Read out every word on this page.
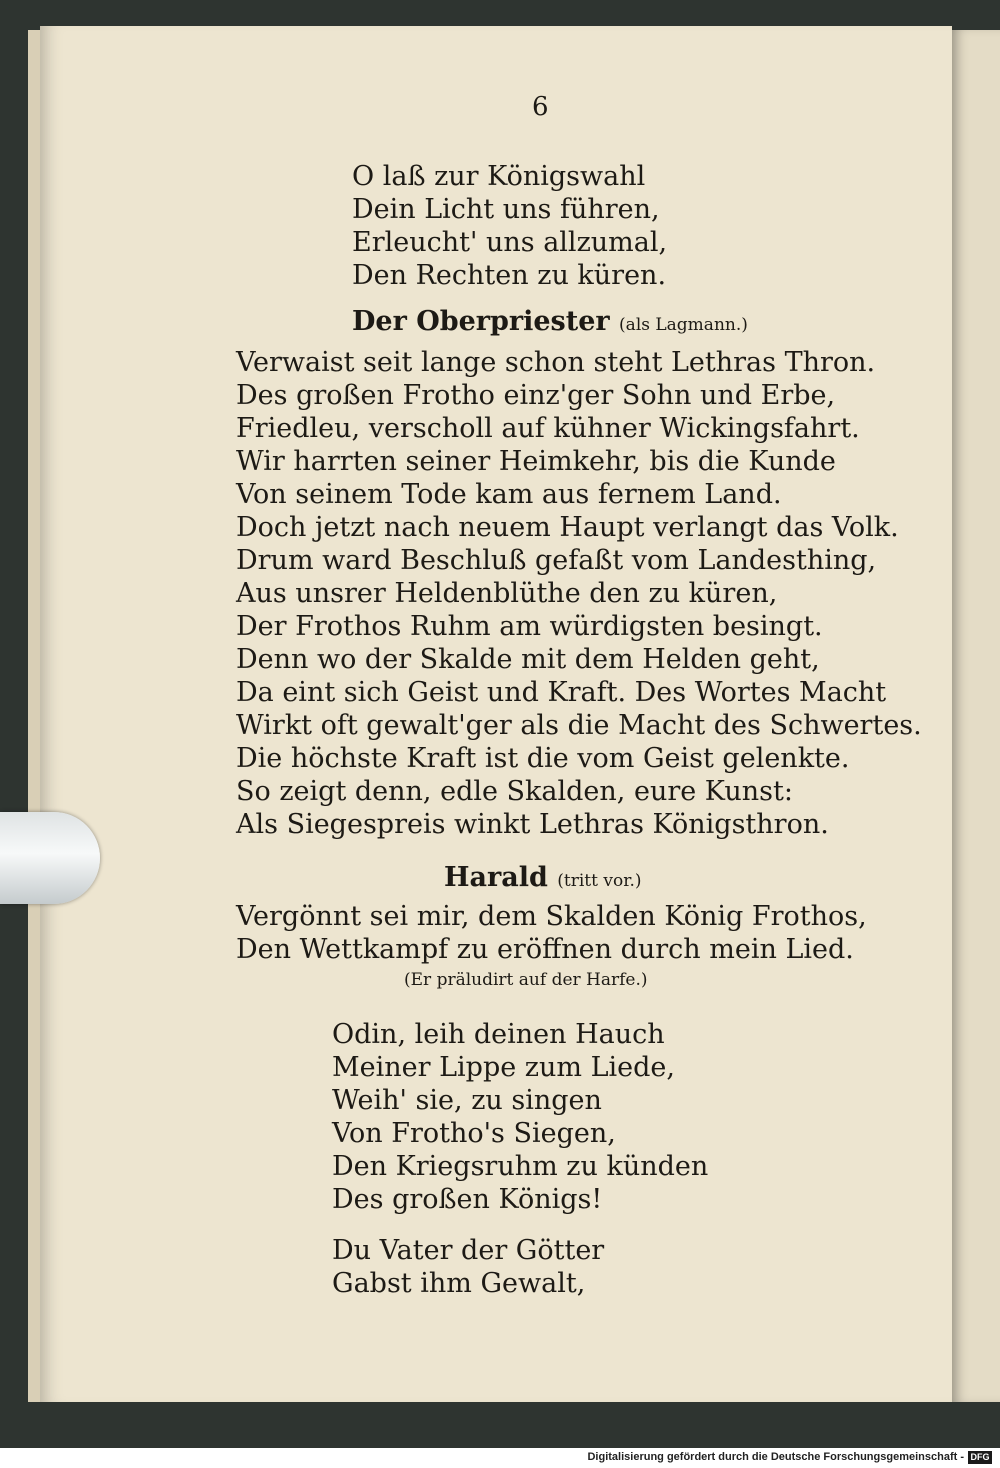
6
O laß zur Königswahl
Dein Licht uns führen,
Erleucht' uns allzumal,
Den Rechten zu küren.
Der Oberpriester (als Lagmann.)
Verwaist seit lange schon steht Lethras Thron.
Des großen Frotho einz'ger Sohn und Erbe,
Friedleu, verscholl auf kühner Wickingsfahrt.
Wir harrten seiner Heimkehr, bis die Kunde
Von seinem Tode kam aus fernem Land.
Doch jetzt nach neuem Haupt verlangt das Volk.
Drum ward Beschluß gefaßt vom Landesthing,
Aus unsrer Heldenblüthe den zu küren,
Der Frothos Ruhm am würdigsten besingt.
Denn wo der Skalde mit dem Helden geht,
Da eint sich Geist und Kraft. Des Wortes Macht
Wirkt oft gewalt'ger als die Macht des Schwertes.
Die höchste Kraft ist die vom Geist gelenkte.
So zeigt denn, edle Skalden, eure Kunst:
Als Siegespreis winkt Lethras Königsthron.
Harald (tritt vor.)
Vergönnt sei mir, dem Skalden König Frothos,
Den Wettkampf zu eröffnen durch mein Lied.
(Er präludirt auf der Harfe.)
Odin, leih deinen Hauch
Meiner Lippe zum Liede,
Weih' sie, zu singen
Von Frotho's Siegen,
Den Kriegsruhm zu künden
Des großen Königs!
Du Vater der Götter
Gabst ihm Gewalt,
Digitalisierung gefördert durch die Deutsche Forschungsgemeinschaft - DFG
